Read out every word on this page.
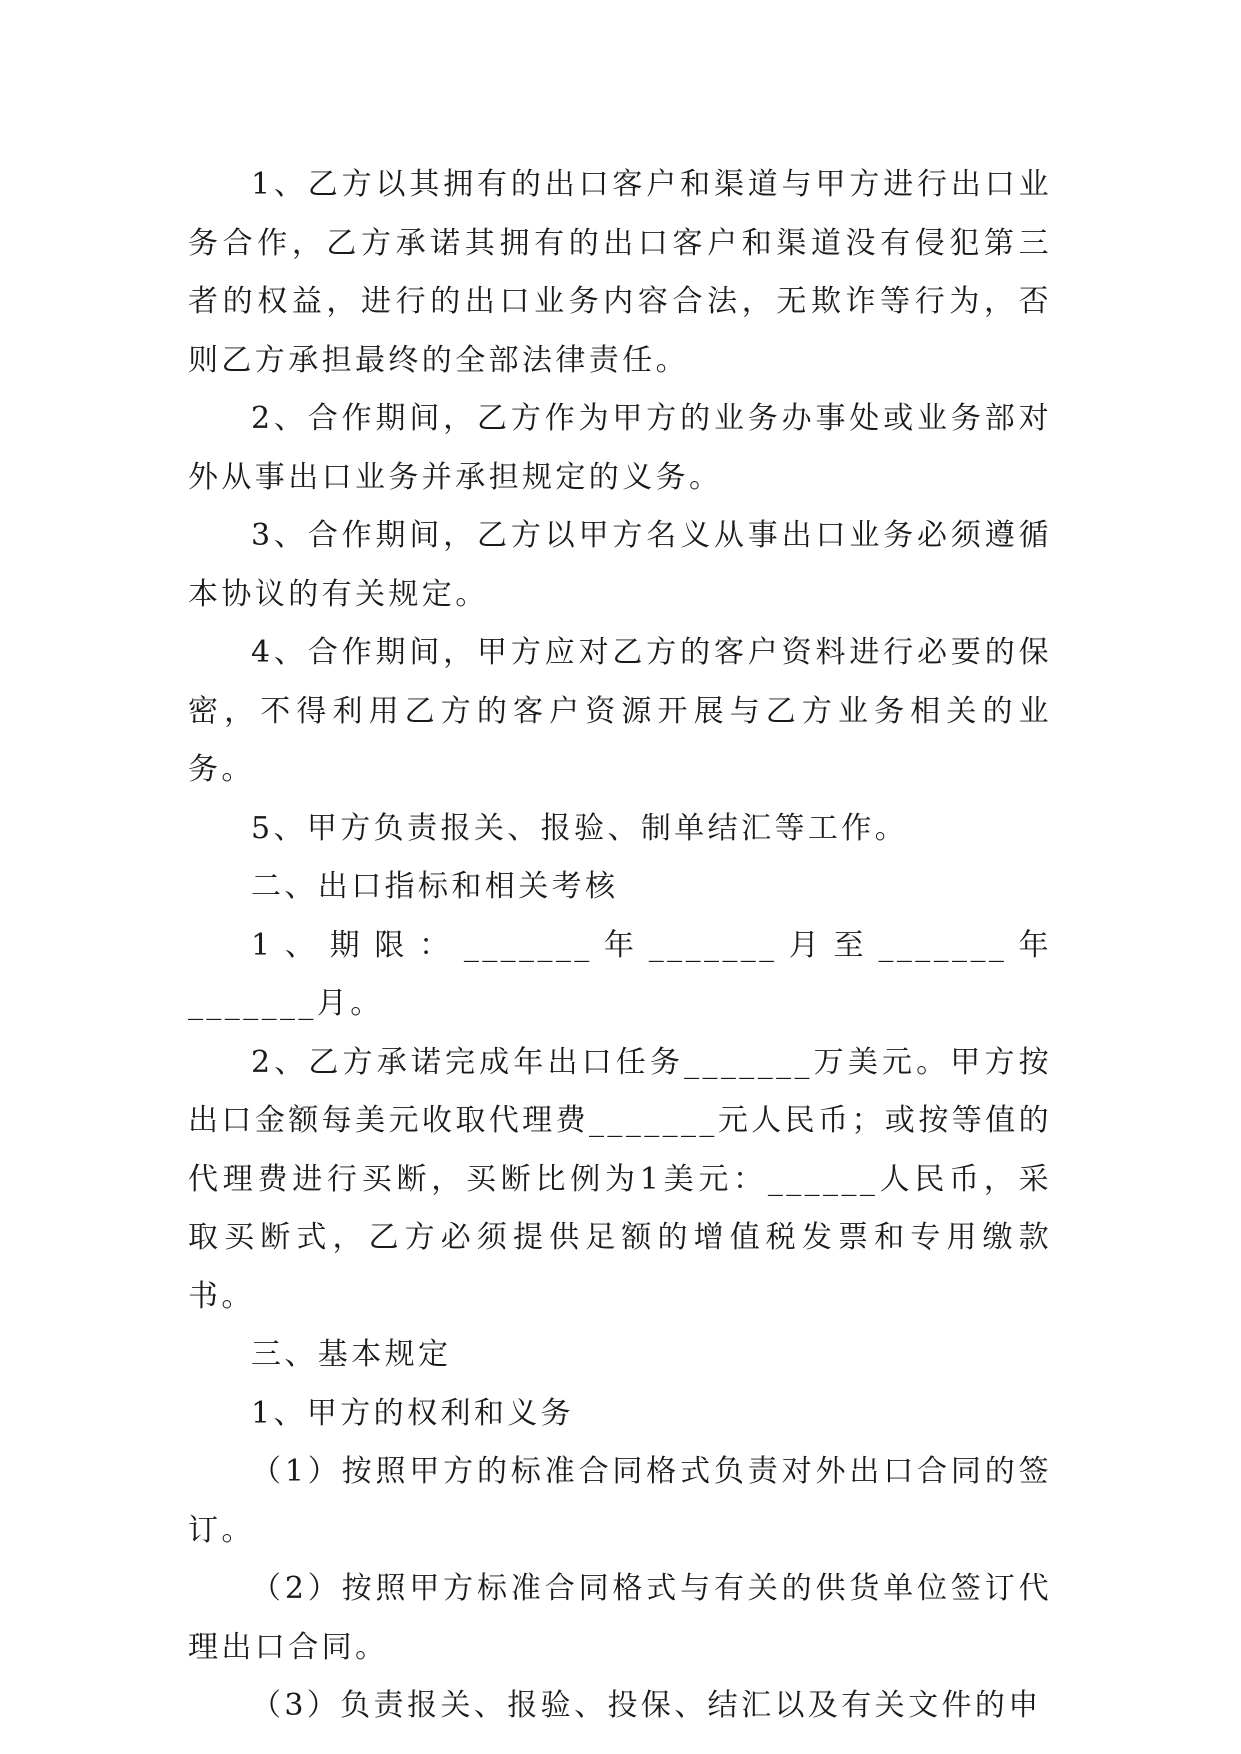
1、乙方以其拥有的出口客户和渠道与甲方进行出口业务合作，乙方承诺其拥有的出口客户和渠道没有侵犯第三者的权益，进行的出口业务内容合法，无欺诈等行为，否则乙方承担最终的全部法律责任。

2、合作期间，乙方作为甲方的业务办事处或业务部对外从事出口业务并承担规定的义务。

3、合作期间，乙方以甲方名义从事出口业务必须遵循本协议的有关规定。

4、合作期间，甲方应对乙方的客户资料进行必要的保密，不得利用乙方的客户资源开展与乙方业务相关的业务。

5、甲方负责报关、报验、制单结汇等工作。

二、出口指标和相关考核

1、期限：_______年_______月至_______年_______月。

2、乙方承诺完成年出口任务_______万美元。甲方按出口金额每美元收取代理费_______元人民币；或按等值的代理费进行买断，买断比例为1美元：______人民币，采取买断式，乙方必须提供足额的增值税发票和专用缴款书。

三、基本规定

1、甲方的权利和义务

（1）按照甲方的标准合同格式负责对外出口合同的签订。

（2）按照甲方标准合同格式与有关的供货单位签订代理出口合同。

（3）负责报关、报验、投保、结汇以及有关文件的申
